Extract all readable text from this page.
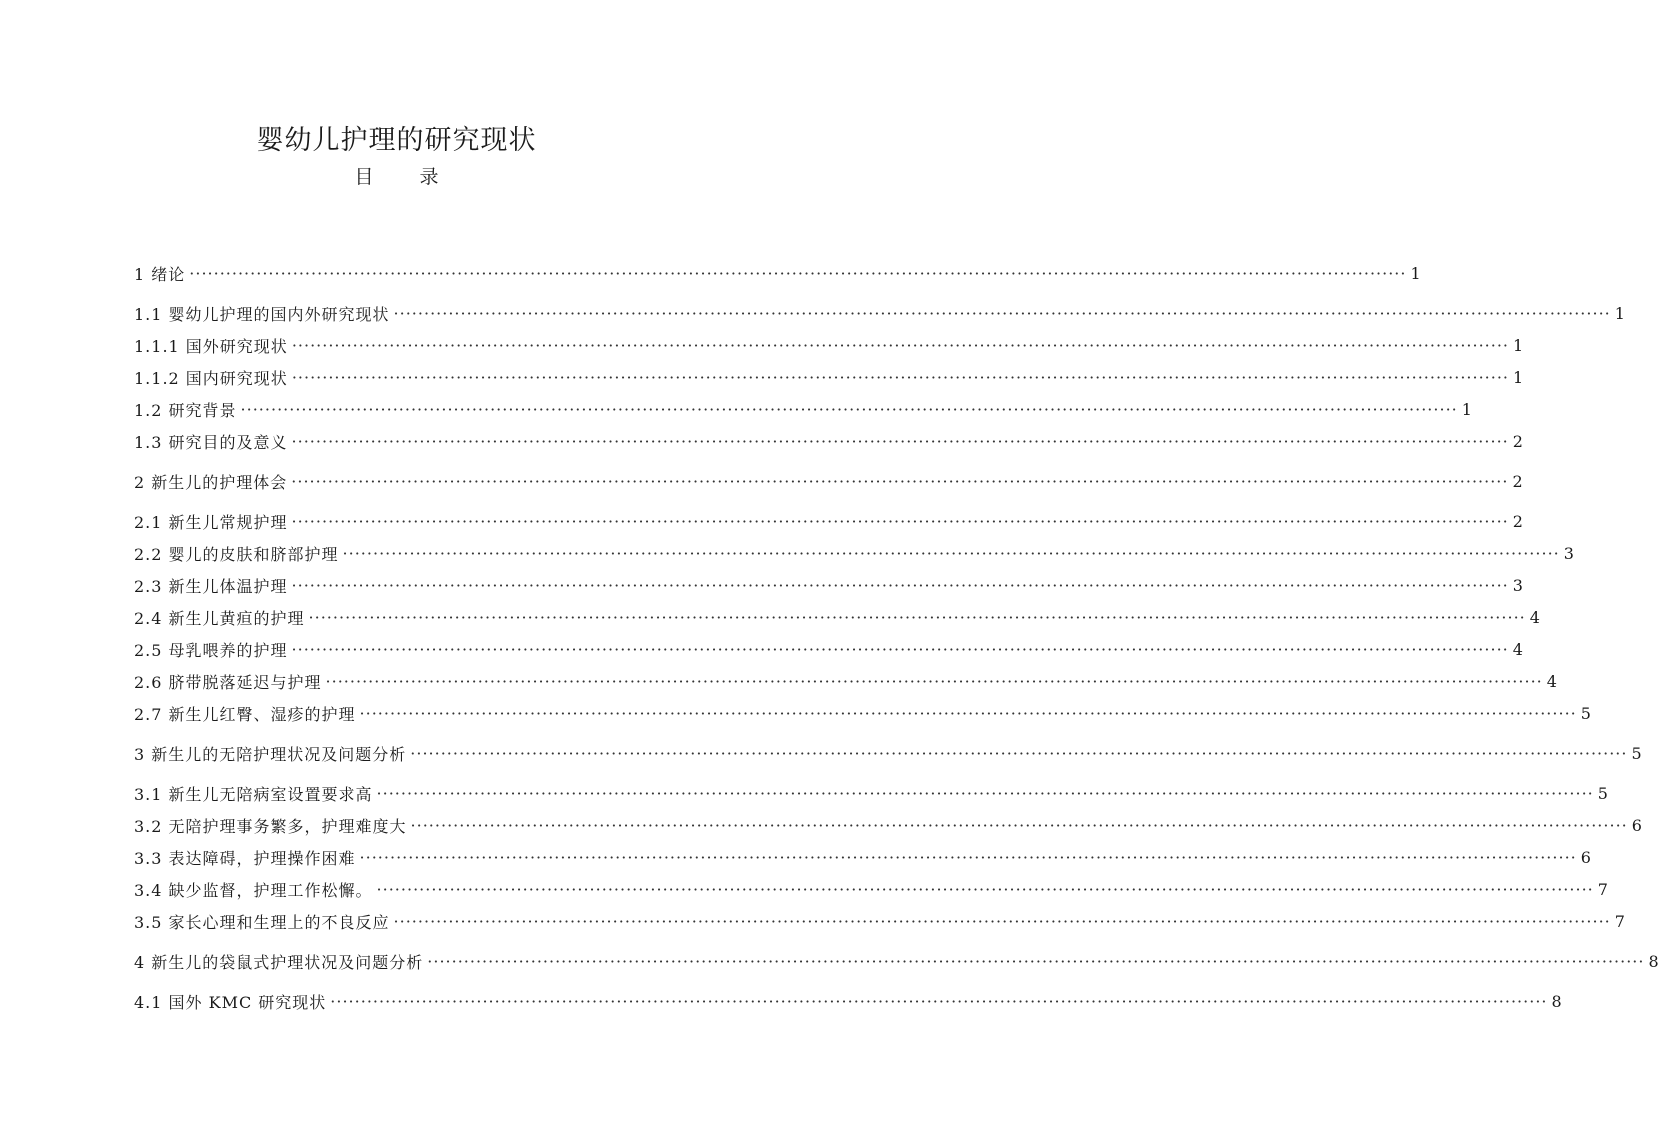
婴幼儿护理的研究现状
目录
1 绪论 ········································································································································································································ 1
1.1 婴幼儿护理的国内外研究现状 ········································································································································································································ 1
1.1.1 国外研究现状 ········································································································································································································ 1
1.1.2 国内研究现状 ········································································································································································································ 1
1.2 研究背景 ········································································································································································································ 1
1.3 研究目的及意义 ········································································································································································································ 2
2 新生儿的护理体会 ········································································································································································································ 2
2.1 新生儿常规护理 ········································································································································································································ 2
2.2 婴儿的皮肤和脐部护理 ········································································································································································································ 3
2.3 新生儿体温护理 ········································································································································································································ 3
2.4 新生儿黄疸的护理 ········································································································································································································ 4
2.5 母乳喂养的护理 ········································································································································································································ 4
2.6 脐带脱落延迟与护理 ········································································································································································································ 4
2.7 新生儿红臀、湿疹的护理 ········································································································································································································ 5
3 新生儿的无陪护理状况及问题分析 ········································································································································································································ 5
3.1 新生儿无陪病室设置要求高 ········································································································································································································ 5
3.2 无陪护理事务繁多，护理难度大 ········································································································································································································ 6
3.3 表达障碍，护理操作困难 ········································································································································································································ 6
3.4 缺少监督，护理工作松懈。 ········································································································································································································ 7
3.5 家长心理和生理上的不良反应 ········································································································································································································ 7
4 新生儿的袋鼠式护理状况及问题分析 ········································································································································································································ 8
4.1 国外 KMC 研究现状 ········································································································································································································ 8
